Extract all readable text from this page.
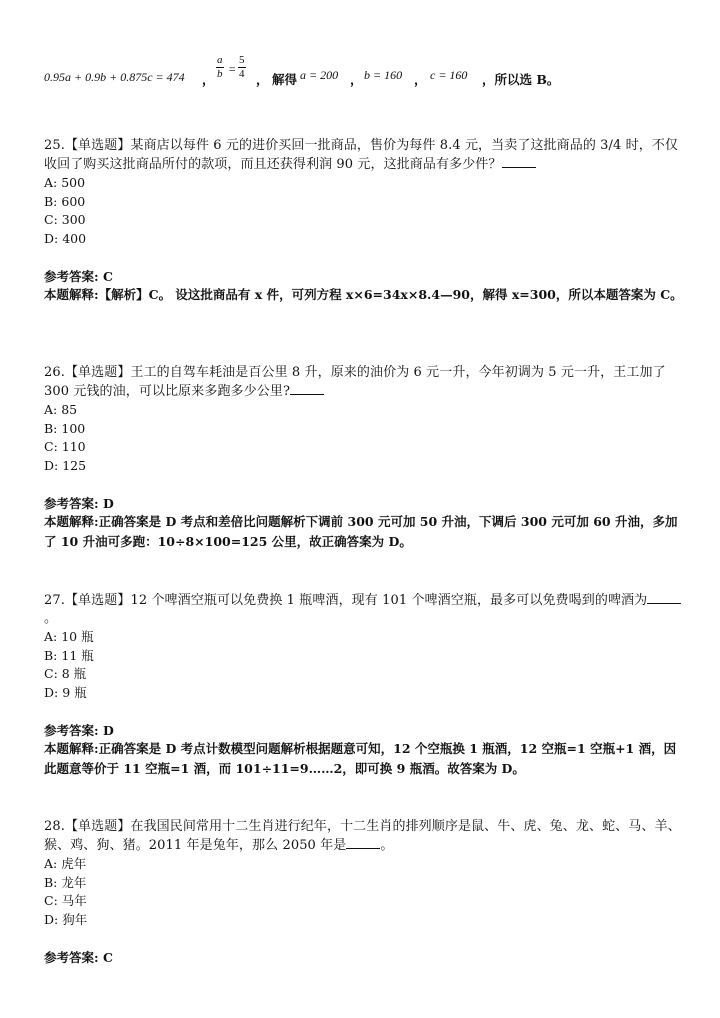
0.95a + 0.9b + 0.875c = 474 ， $\frac{a}{b} = \frac{5}{4}$ ， 解得 a = 200 ， b = 160 ， c = 160 ，所以选 B。

25.【单选题】某商店以每件 6 元的进价买回一批商品，售价为每件 8.4 元，当卖了这批商品的 3/4 时，不仅收回了购买这批商品所付的款项，而且还获得利润 90 元，这批商品有多少件？

A: 500

B: 600

C: 300

D: 400

参考答案: C

本题解释:【解析】C。 设这批商品有 x 件，可列方程 x×6=34x×8.4—90，解得 x=300，所以本题答案为 C。

26.【单选题】王工的自驾车耗油是百公里 8 升，原来的油价为 6 元一升，今年初调为 5 元一升，王工加了 300 元钱的油，可以比原来多跑多少公里?

A: 85

B: 100

C: 110

D: 125

参考答案: D

本题解释:正确答案是 D 考点和差倍比问题解析下调前 300 元可加 50 升油，下调后 300 元可加 60 升油，多加了 10 升油可多跑：10÷8×100=125 公里，故正确答案为 D。

27.【单选题】12 个啤酒空瓶可以免费换 1 瓶啤酒，现有 101 个啤酒空瓶，最多可以免费喝到的啤酒为。

A: 10 瓶

B: 11 瓶

C: 8 瓶

D: 9 瓶

参考答案: D

本题解释:正确答案是 D 考点计数模型问题解析根据题意可知，12 个空瓶换 1 瓶酒，12 空瓶=1 空瓶+1 酒，因此题意等价于 11 空瓶=1 酒，而 101÷11=9……2，即可换 9 瓶酒。故答案为 D。

28.【单选题】在我国民间常用十二生肖进行纪年，十二生肖的排列顺序是鼠、牛、虎、兔、龙、蛇、马、羊、猴、鸡、狗、猪。2011 年是兔年，那么 2050 年是	。

A: 虎年

B: 龙年

C: 马年

D: 狗年

参考答案: C
